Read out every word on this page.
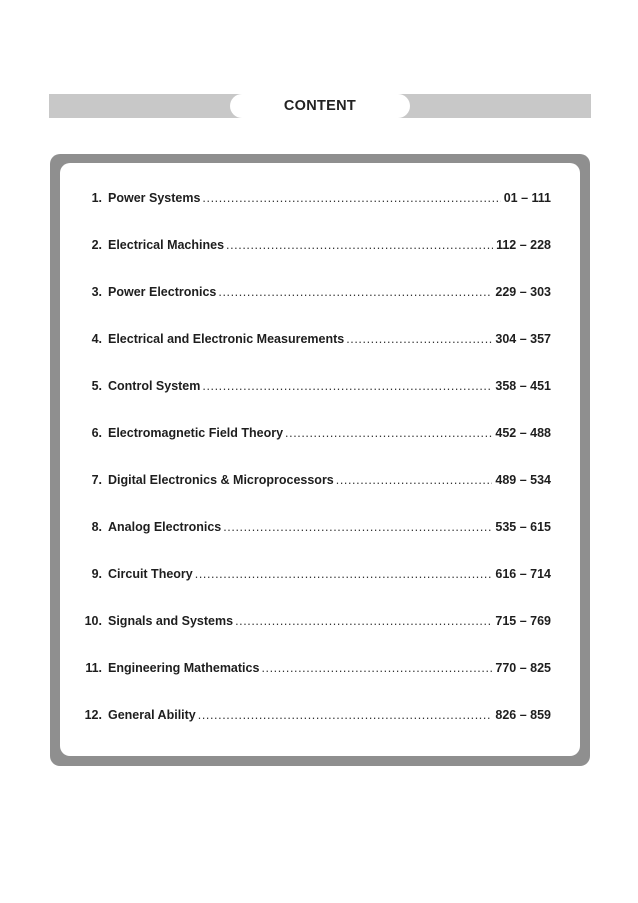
CONTENT
1. Power Systems .....	01 – 111
2. Electrical Machines .....	112 – 228
3. Power Electronics .....	229 – 303
4. Electrical and Electronic Measurements .....	304 – 357
5. Control System .....	358 – 451
6. Electromagnetic Field Theory .....	452 – 488
7. Digital Electronics & Microprocessors .....	489 – 534
8. Analog Electronics .....	535 – 615
9. Circuit Theory .....	616 – 714
10. Signals and Systems .....	715 – 769
11. Engineering Mathematics .....	770 – 825
12. General Ability .....	826 – 859
